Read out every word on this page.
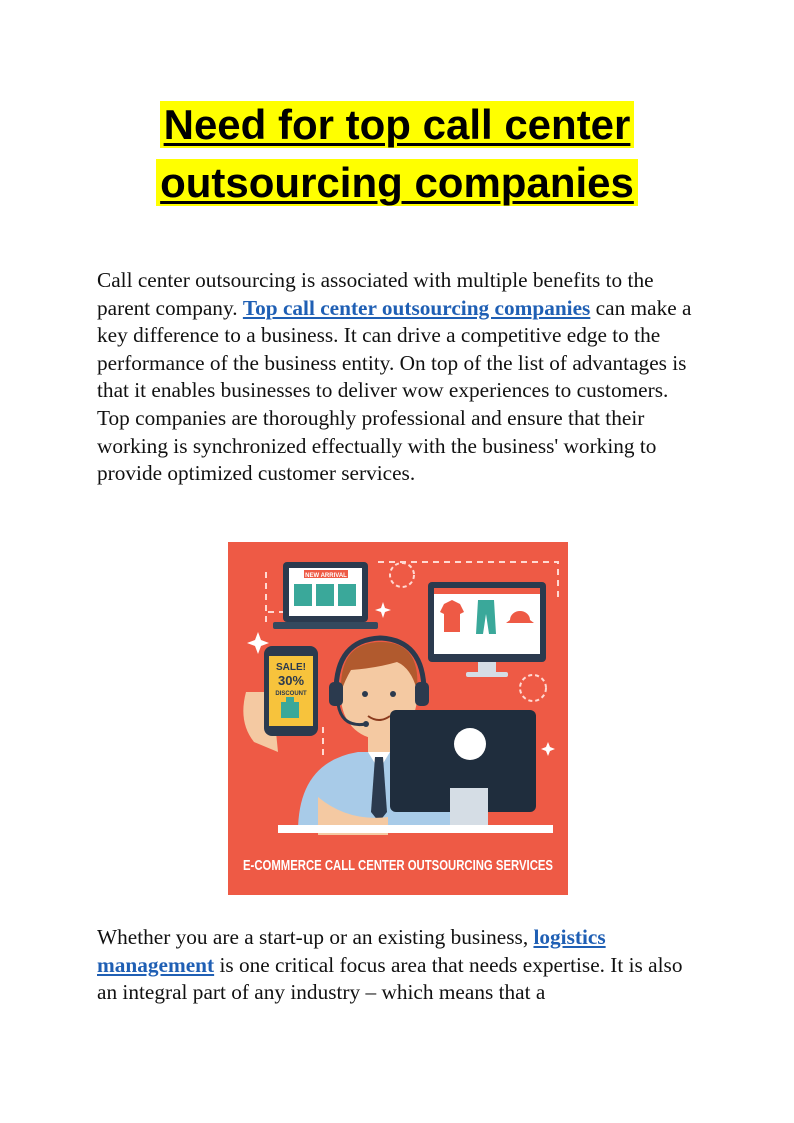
Need for top call center
outsourcing companies

Call center outsourcing is associated with multiple benefits to the parent company. Top call center outsourcing companies can make a key difference to a business. It can drive a competitive edge to the performance of the business entity. On top of the list of advantages is that it enables businesses to deliver wow experiences to customers. Top companies are thoroughly professional and ensure that their working is synchronized effectually with the business' working to provide optimized customer services.

NEW ARRIVAL
SALE!
30%
DISCOUNT
E-COMMERCE CALL CENTER OUTSOURCING SERVICES

Whether you are a start-up or an existing business, logistics management is one critical focus area that needs expertise. It is also an integral part of any industry – which means that a
